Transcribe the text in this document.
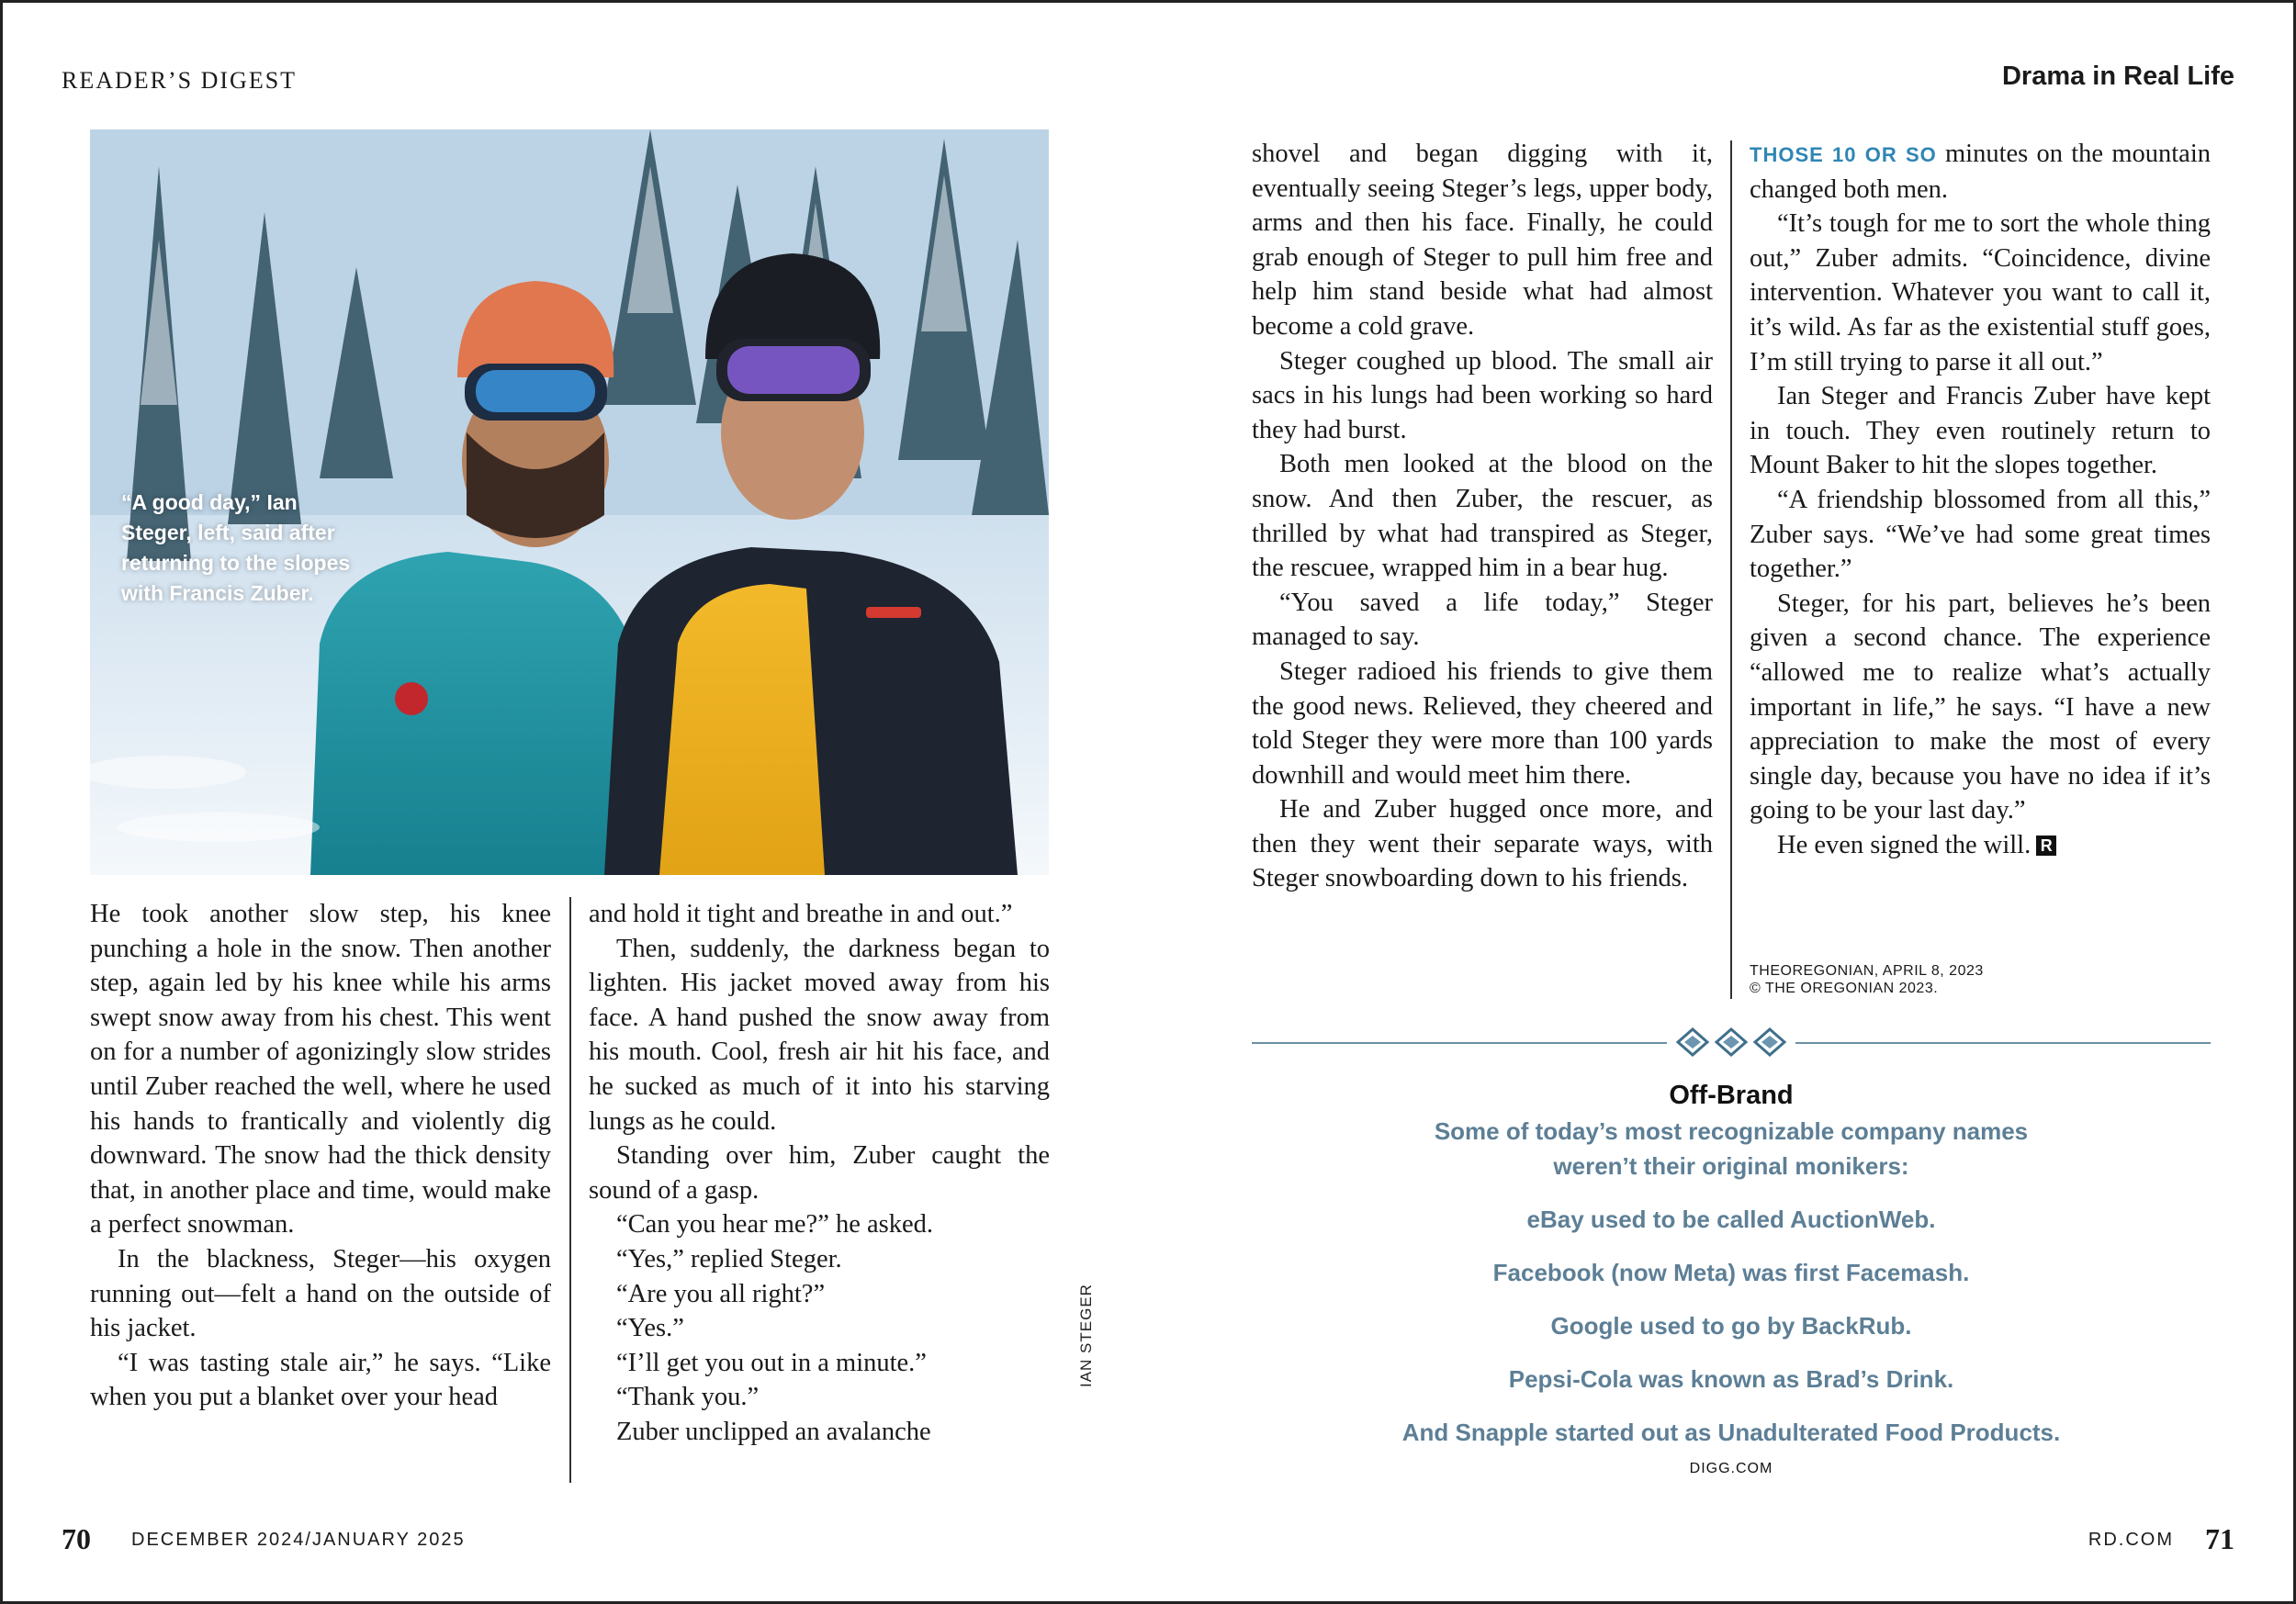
READER’S DIGEST	Drama in Real Life
“A good day,” Ian Steger, left, said after returning to the slopes with Francis Zuber.
IAN STEGER

He took another slow step, his knee punching a hole in the snow. Then another step, again led by his knee while his arms swept snow away from his chest. This went on for a number of agonizingly slow strides until Zuber reached the well, where he used his hands to frantically and violently dig downward. The snow had the thick density that, in another place and time, would make a perfect snowman.

In the blackness, Steger—his oxygen running out—felt a hand on the outside of his jacket.

“I was tasting stale air,” he says. “Like when you put a blanket over your head

and hold it tight and breathe in and out.”

Then, suddenly, the darkness began to lighten. His jacket moved away from his face. A hand pushed the snow away from his mouth. Cool, fresh air hit his face, and he sucked as much of it into his starving lungs as he could.

Standing over him, Zuber caught the sound of a gasp.

“Can you hear me?” he asked.

“Yes,” replied Steger.

“Are you all right?”

“Yes.”

“I’ll get you out in a minute.”

“Thank you.”

Zuber unclipped an avalanche

shovel and began digging with it, eventually seeing Steger’s legs, upper body, arms and then his face. Finally, he could grab enough of Steger to pull him free and help him stand beside what had almost become a cold grave.

Steger coughed up blood. The small air sacs in his lungs had been working so hard they had burst.

Both men looked at the blood on the snow. And then Zuber, the rescuer, as thrilled by what had transpired as Steger, the rescuee, wrapped him in a bear hug.

“You saved a life today,” Steger managed to say.

Steger radioed his friends to give them the good news. Relieved, they cheered and told Steger they were more than 100 yards downhill and would meet him there.

He and Zuber hugged once more, and then they went their separate ways, with Steger snowboarding down to his friends.

THOSE 10 OR SO minutes on the mountain changed both men.

“It’s tough for me to sort the whole thing out,” Zuber admits. “Coincidence, divine intervention. Whatever you want to call it, it’s wild. As far as the existential stuff goes, I’m still trying to parse it all out.”

Ian Steger and Francis Zuber have kept in touch. They even routinely return to Mount Baker to hit the slopes together.

“A friendship blossomed from all this,” Zuber says. “We’ve had some great times together.”

Steger, for his part, believes he’s been given a second chance. The experience “allowed me to realize what’s actually important in life,” he says. “I have a new appreciation to make the most of every single day, because you have no idea if it’s going to be your last day.”

He even signed the will. R

THEOREGONIAN, APRIL 8, 2023
© THE OREGONIAN 2023.
Off-Brand
Some of today’s most recognizable company names weren’t their original monikers:
eBay used to be called AuctionWeb.
Facebook (now Meta) was first Facemash.
Google used to go by BackRub.
Pepsi-Cola was known as Brad’s Drink.
And Snapple started out as Unadulterated Food Products.
DIGG.COM
70 DECEMBER 2024/JANUARY 2025	RD.COM 71
